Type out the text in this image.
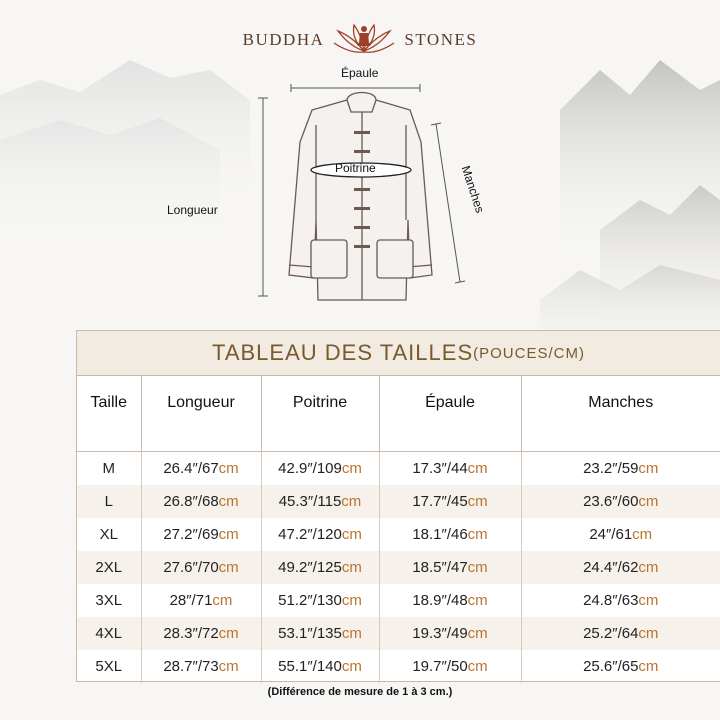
BUDDHA	STONES
Épaule
Longueur	Manches
Poitrine
TABLEAU DES TAILLES (POUCES/CM)
Taille	Longueur	Poitrine	Épaule	Manches
M	26.4″/67cm	42.9″/109cm	17.3″/44cm	23.2″/59cm
L	26.8″/68cm	45.3″/115cm	17.7″/45cm	23.6″/60cm
XL	27.2″/69cm	47.2″/120cm	18.1″/46cm	24″/61cm
2XL	27.6″/70cm	49.2″/125cm	18.5″/47cm	24.4″/62cm
3XL	28″/71cm	51.2″/130cm	18.9″/48cm	24.8″/63cm
4XL	28.3″/72cm	53.1″/135cm	19.3″/49cm	25.2″/64cm
5XL	28.7″/73cm	55.1″/140cm	19.7″/50cm	25.6″/65cm
(Différence de mesure de 1 à 3 cm.)
